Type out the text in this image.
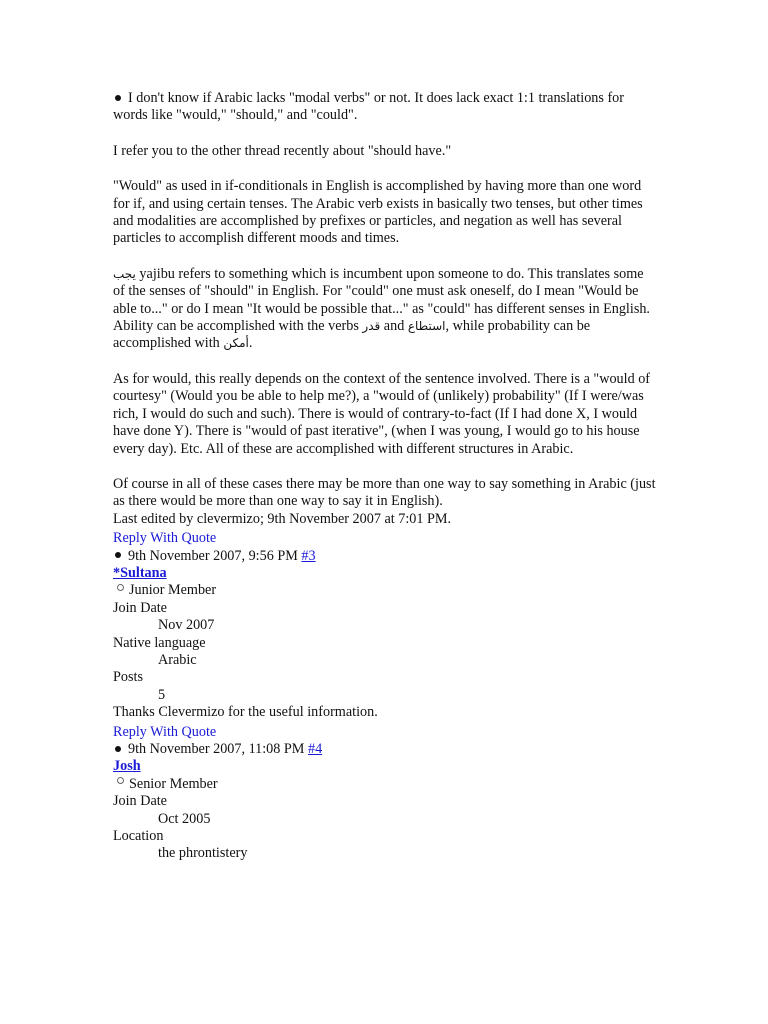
I don't know if Arabic lacks "modal verbs" or not. It does lack exact 1:1 translations for words like "would," "should," and "could".

I refer you to the other thread recently about "should have."

"Would" as used in if-conditionals in English is accomplished by having more than one word for if, and using certain tenses. The Arabic verb exists in basically two tenses, but other times and modalities are accomplished by prefixes or particles, and negation as well has several particles to accomplish different moods and times.

يجب yajibu refers to something which is incumbent upon someone to do. This translates some of the senses of "should" in English. For "could" one must ask oneself, do I mean "Would be able to..." or do I mean "It would be possible that..." as "could" has different senses in English. Ability can be accomplished with the verbs قدر and استطاع, while probability can be accomplished with أمكن.

As for would, this really depends on the context of the sentence involved. There is a "would of courtesy" (Would you be able to help me?), a "would of (unlikely) probability" (If I were/was rich, I would do such and such). There is would of contrary-to-fact (If I had done X, I would have done Y). There is "would of past iterative", (when I was young, I would go to his house every day). Etc. All of these are accomplished with different structures in Arabic.

Of course in all of these cases there may be more than one way to say something in Arabic (just as there would be more than one way to say it in English).

Last edited by clevermizo; 9th November 2007 at 7:01 PM.

Reply With Quote
9th November 2007, 9:56 PM #3
*Sultana
Junior Member
Join Date
Nov 2007
Native language
Arabic
Posts
5

Thanks Clevermizo for the useful information.

Reply With Quote
9th November 2007, 11:08 PM #4
Josh
Senior Member
Join Date
Oct 2005
Location
the phrontistery
